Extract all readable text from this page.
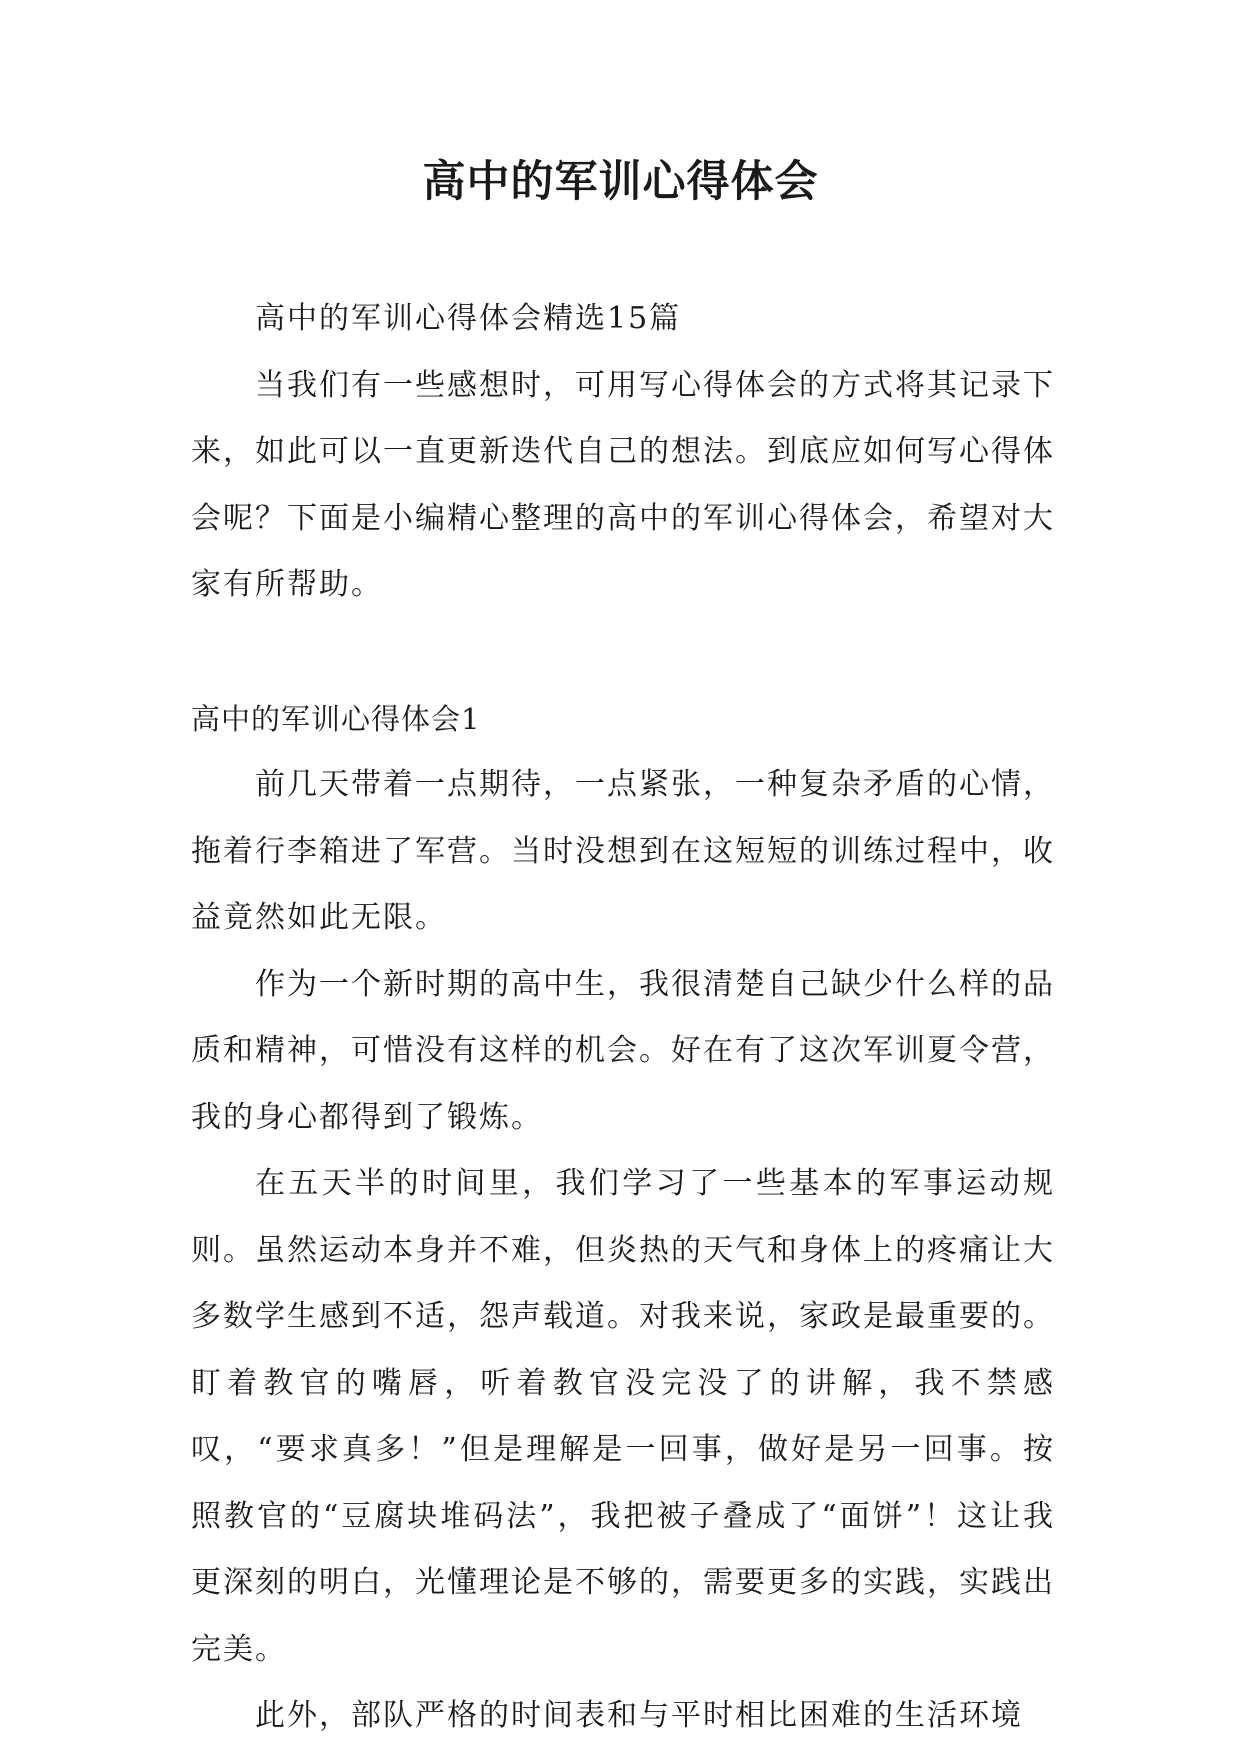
高中的军训心得体会

高中的军训心得体会精选15篇

当我们有一些感想时，可用写心得体会的方式将其记录下来，如此可以一直更新迭代自己的想法。到底应如何写心得体会呢？下面是小编精心整理的高中的军训心得体会，希望对大家有所帮助。

高中的军训心得体会1

前几天带着一点期待，一点紧张，一种复杂矛盾的心情，拖着行李箱进了军营。当时没想到在这短短的训练过程中，收益竟然如此无限。

作为一个新时期的高中生，我很清楚自己缺少什么样的品质和精神，可惜没有这样的机会。好在有了这次军训夏令营，我的身心都得到了锻炼。

在五天半的时间里，我们学习了一些基本的军事运动规则。虽然运动本身并不难，但炎热的天气和身体上的疼痛让大多数学生感到不适，怨声载道。对我来说，家政是最重要的。盯着教官的嘴唇，听着教官没完没了的讲解，我不禁感叹，“要求真多！”但是理解是一回事，做好是另一回事。按照教官的“豆腐块堆码法”，我把被子叠成了“面饼”！这让我更深刻的明白，光懂理论是不够的，需要更多的实践，实践出完美。

此外，部队严格的时间表和与平时相比困难的生活环境
